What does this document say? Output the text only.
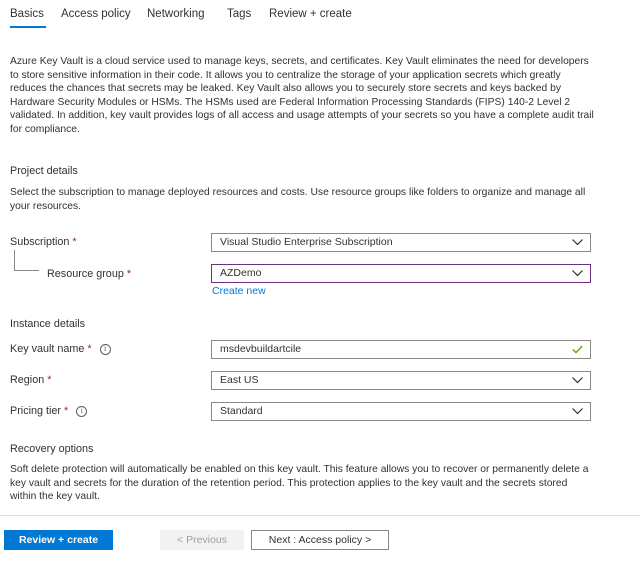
Basics Access policy Networking Tags Review + create
Azure Key Vault is a cloud service used to manage keys, secrets, and certificates. Key Vault eliminates the need for developers to store sensitive information in their code. It allows you to centralize the storage of your application secrets which greatly reduces the chances that secrets may be leaked. Key Vault also allows you to securely store secrets and keys backed by Hardware Security Modules or HSMs. The HSMs used are Federal Information Processing Standards (FIPS) 140-2 Level 2 validated. In addition, key vault provides logs of all access and usage attempts of your secrets so you have a complete audit trail for compliance.
Project details
Select the subscription to manage deployed resources and costs. Use resource groups like folders to organize and manage all your resources.
Subscription *	Visual Studio Enterprise Subscription
Resource group *	AZDemo
Create new
Instance details
Key vault name * i	msdevbuildartcile
Region *	East US
Pricing tier * i	Standard
Recovery options
Soft delete protection will automatically be enabled on this key vault. This feature allows you to recover or permanently delete a key vault and secrets for the duration of the retention period. This protection applies to the key vault and the secrets stored within the key vault.
Review + create	< Previous	Next : Access policy >
